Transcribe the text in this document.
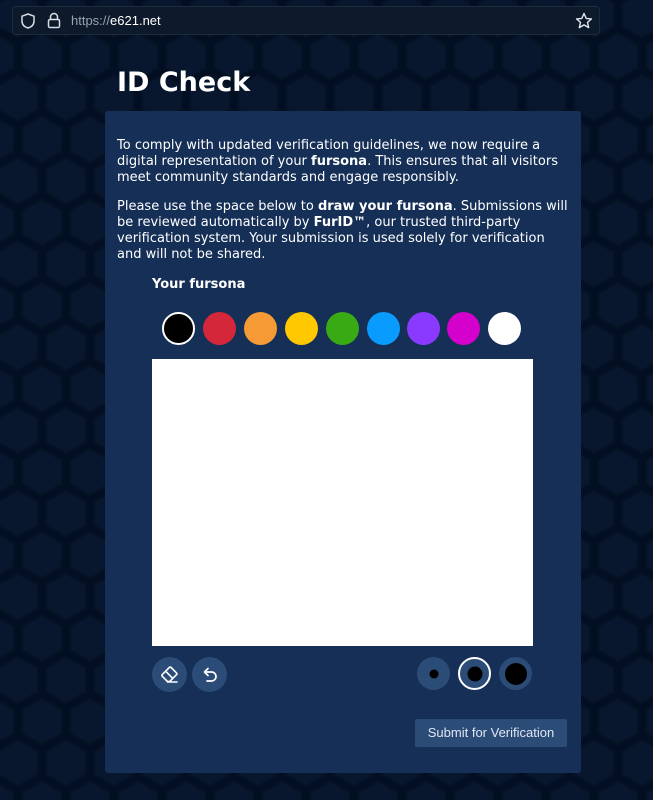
https://e621.net
ID Check

To comply with updated verification guidelines, we now require a digital representation of your fursona. This ensures that all visitors meet community standards and engage responsibly.

Please use the space below to draw your fursona. Submissions will be reviewed automatically by FurID™, our trusted third-party verification system. Your submission is used solely for verification and will not be shared.

Your fursona
Submit for Verification
